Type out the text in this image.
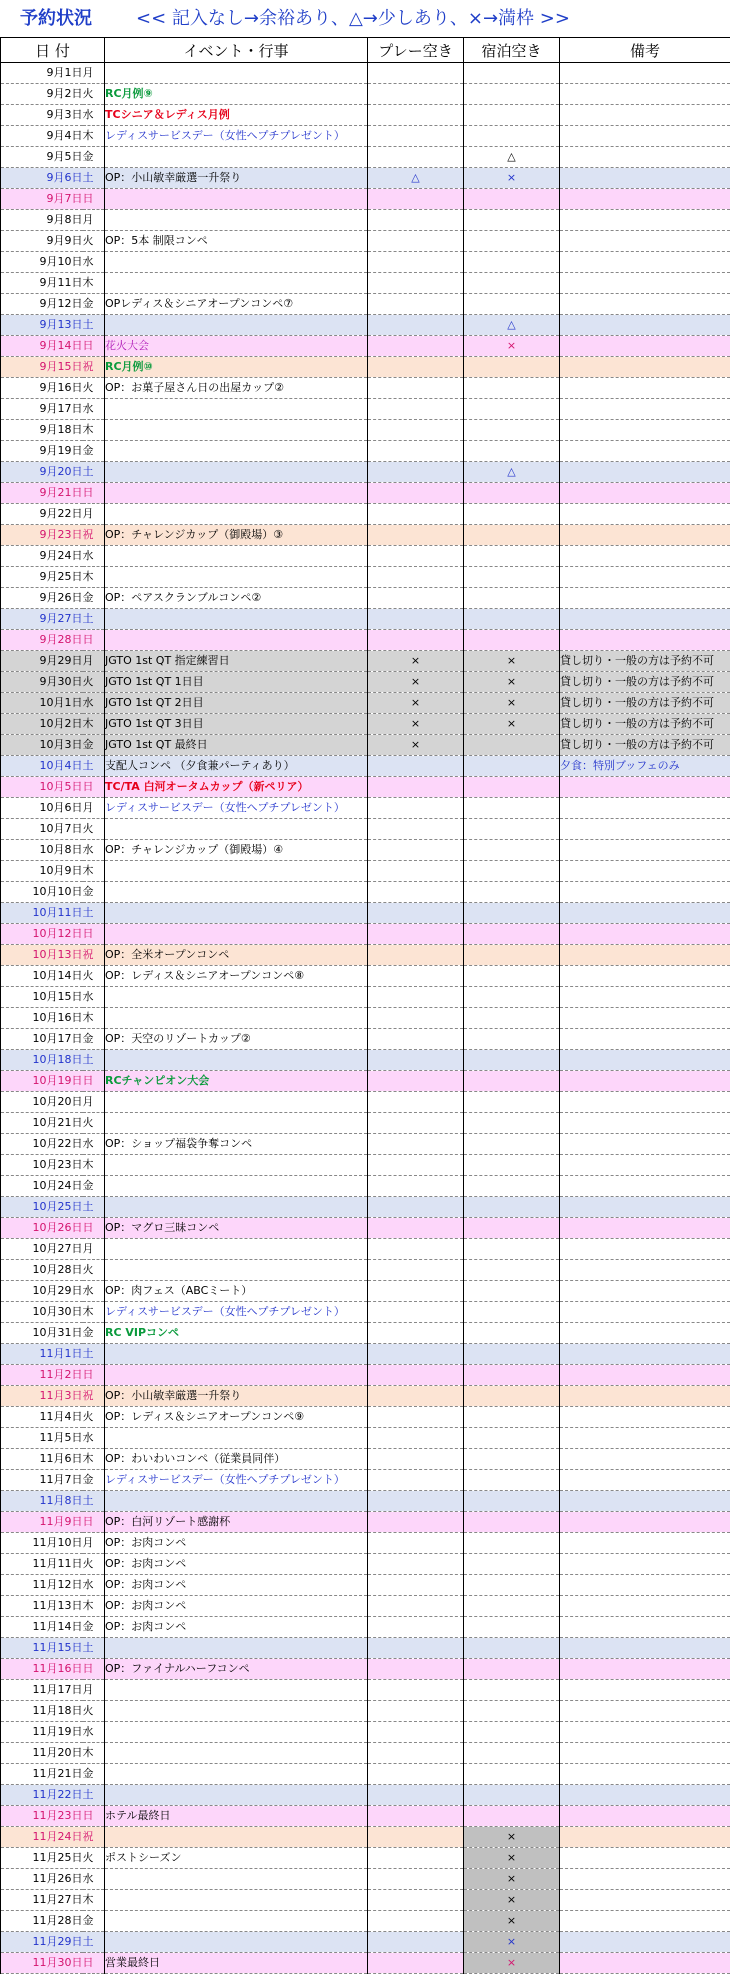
予約状況 << 記入なし→余裕あり、△→少しあり、×→満枠 >>
日 付		イベント・行事	プレー空き	宿泊空き	備考
9月1日	月				
9月2日	火	RC月例⑨			
9月3日	水	TCシニア＆レディス月例			
9月4日	木	レディスサービスデー（女性ヘプチプレゼント）			
9月5日	金			△	
9月6日	土	OP：小山敏幸厳選一升祭り	△	×	
9月7日	日				
9月8日	月				
9月9日	火	OP：5本 制限コンペ			
9月10日	水				
9月11日	木				
9月12日	金	OPレディス＆シニアオープンコンペ⑦			
9月13日	土			△	
9月14日	日	花火大会		×	
9月15日	祝	RC月例⑩			
9月16日	火	OP：お菓子屋さん日の出屋カップ②			
9月17日	水				
9月18日	木				
9月19日	金				
9月20日	土			△	
9月21日	日				
9月22日	月				
9月23日	祝	OP：チャレンジカップ（御殿場）③			
9月24日	水				
9月25日	木				
9月26日	金	OP：ペアスクランブルコンペ②			
9月27日	土				
9月28日	日				
9月29日	月	JGTO 1st QT 指定練習日	×	×	貸し切り・一般の方は予約不可
9月30日	火	JGTO 1st QT 1日目	×	×	貸し切り・一般の方は予約不可
10月1日	水	JGTO 1st QT 2日目	×	×	貸し切り・一般の方は予約不可
10月2日	木	JGTO 1st QT 3日目	×	×	貸し切り・一般の方は予約不可
10月3日	金	JGTO 1st QT 最終日	×		貸し切り・一般の方は予約不可
10月4日	土	支配人コンペ （夕食兼パーティあり）			夕食：特別ブッフェのみ
10月5日	日	TC/TA 白河オータムカップ（新ペリア）			
10月6日	月	レディスサービスデー（女性ヘプチプレゼント）			
10月7日	火				
10月8日	水	OP：チャレンジカップ（御殿場）④			
10月9日	木				
10月10日	金				
10月11日	土				
10月12日	日				
10月13日	祝	OP：全米オープンコンペ			
10月14日	火	OP：レディス＆シニアオープンコンペ⑧			
10月15日	水				
10月16日	木				
10月17日	金	OP：天空のリゾートカップ②			
10月18日	土				
10月19日	日	RCチャンピオン大会			
10月20日	月				
10月21日	火				
10月22日	水	OP：ショップ福袋争奪コンペ			
10月23日	木				
10月24日	金				
10月25日	土				
10月26日	日	OP：マグロ三昧コンペ			
10月27日	月				
10月28日	火				
10月29日	水	OP：肉フェス（ABCミート）			
10月30日	木	レディスサービスデー（女性ヘプチプレゼント）			
10月31日	金	RC VIPコンペ			
11月1日	土				
11月2日	日				
11月3日	祝	OP：小山敏幸厳選一升祭り			
11月4日	火	OP：レディス＆シニアオープンコンペ⑨			
11月5日	水				
11月6日	木	OP：わいわいコンペ（従業員同伴）			
11月7日	金	レディスサービスデー（女性ヘプチプレゼント）			
11月8日	土				
11月9日	日	OP：白河リゾート感謝杯			
11月10日	月	OP：お肉コンペ			
11月11日	火	OP：お肉コンペ			
11月12日	水	OP：お肉コンペ			
11月13日	木	OP：お肉コンペ			
11月14日	金	OP：お肉コンペ			
11月15日	土				
11月16日	日	OP：ファイナルハーフコンペ			
11月17日	月				
11月18日	火				
11月19日	水				
11月20日	木				
11月21日	金				
11月22日	土				
11月23日	日	ホテル最終日			
11月24日	祝			×	
11月25日	火	ポストシーズン		×	
11月26日	水			×	
11月27日	木			×	
11月28日	金			×	
11月29日	土			×	
11月30日	日	営業最終日		×	
